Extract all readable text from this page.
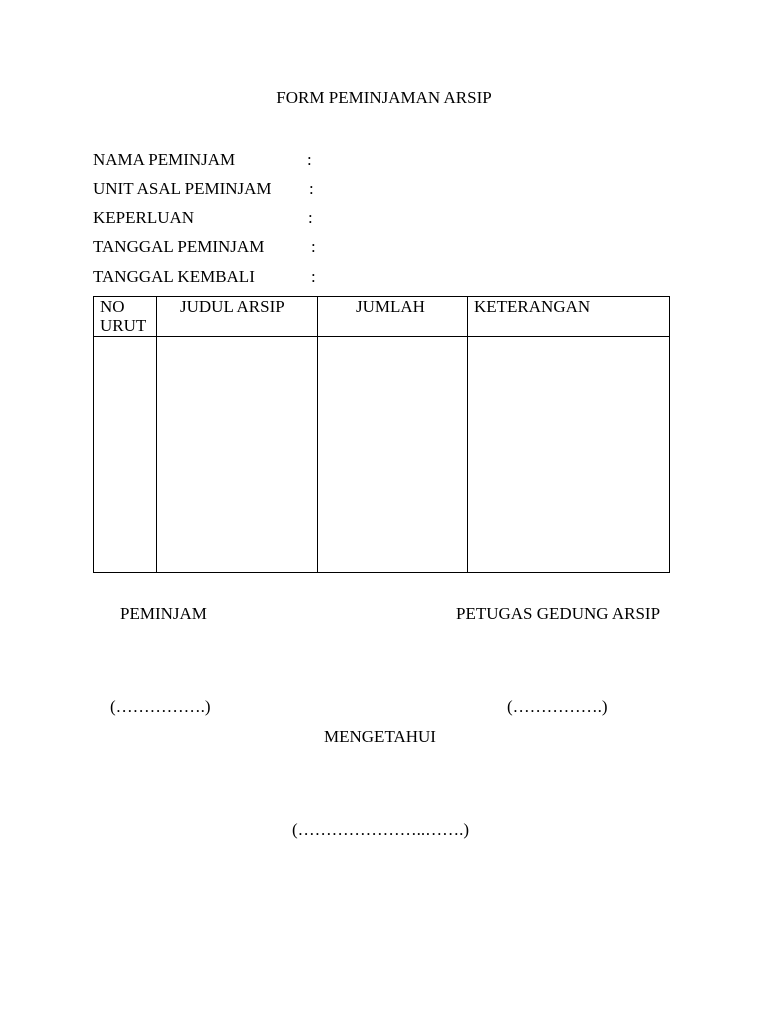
FORM PEMINJAMAN ARSIP
NAMA PEMINJAM	:
UNIT ASAL PEMINJAM :
KEPERLUAN	:
TANGGAL PEMINJAM	:
TANGGAL KEMBALI	:
NO
URUT	JUDUL ARSIP	JUMLAH	KETERANGAN

PEMINJAM	PETUGAS GEDUNG ARSIP
(…………….)	(…………….)
MENGETAHUI
(…………………..…….)
